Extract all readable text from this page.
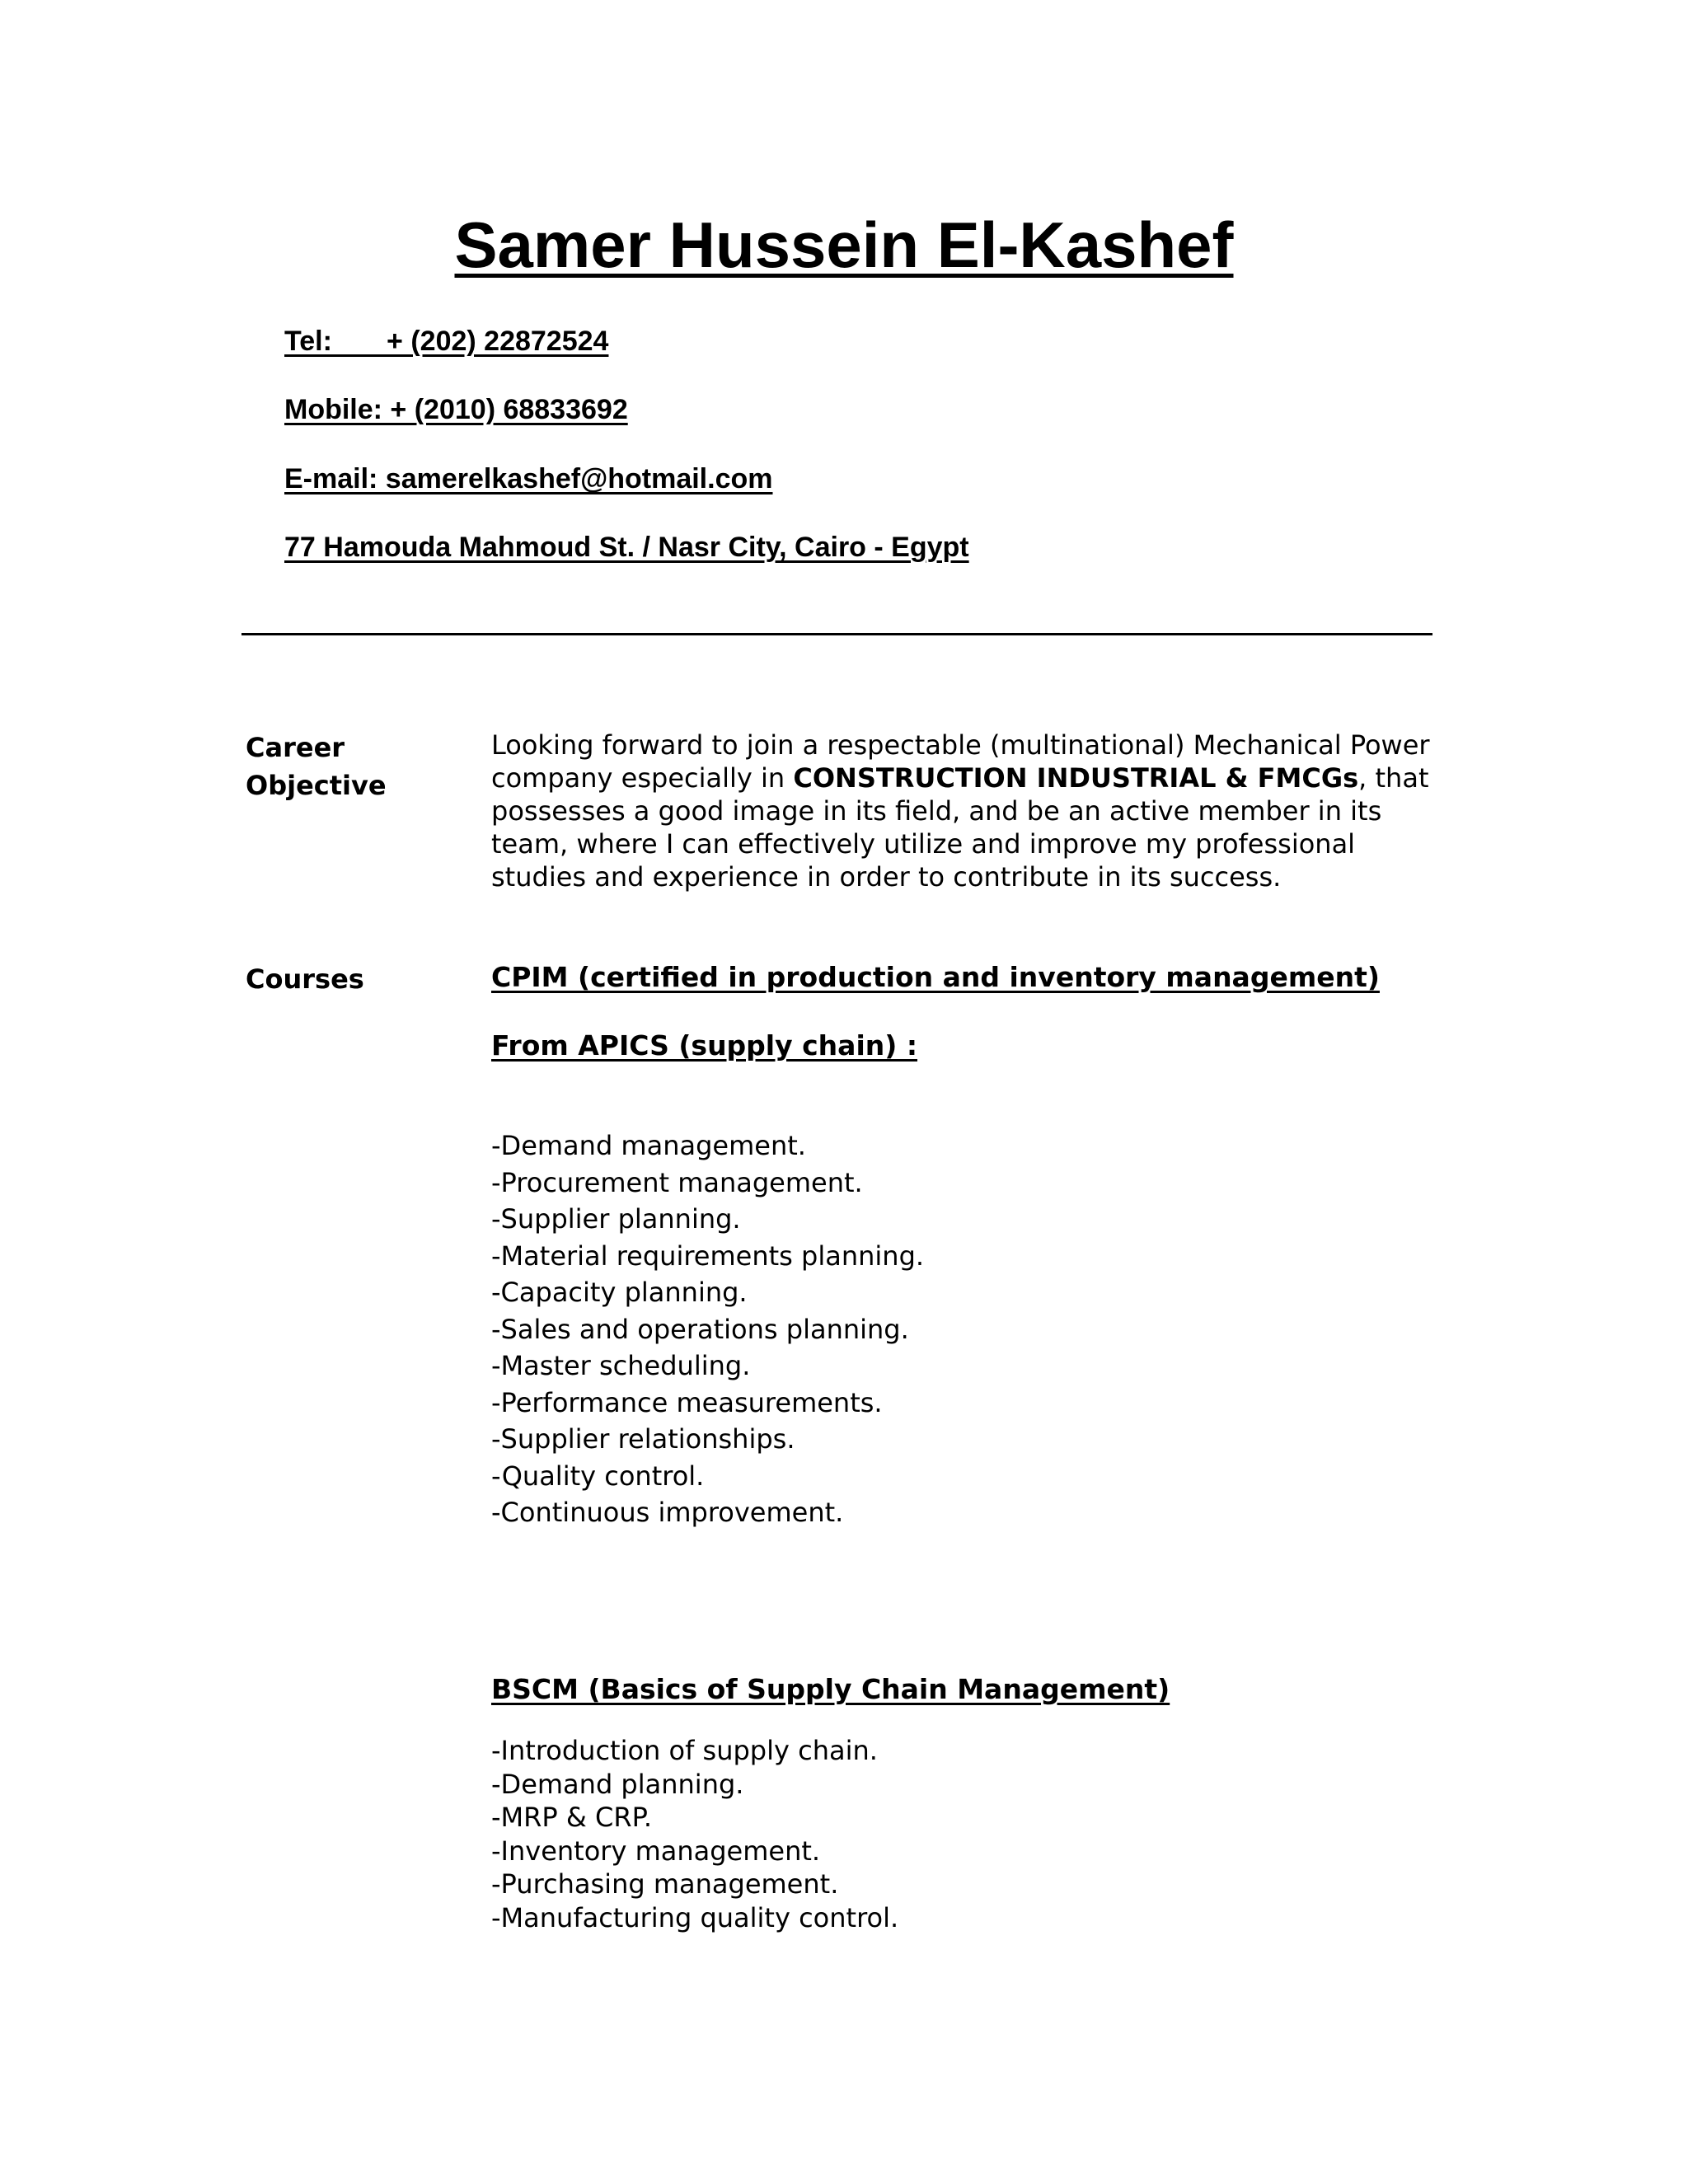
Samer Hussein El-Kashef
Tel:       + (202) 22872524
Mobile: + (2010) 68833692
E-mail: samerelkashef@hotmail.com
77 Hamouda Mahmoud St. / Nasr City, Cairo - Egypt
Career
Objective
Looking forward to join a respectable (multinational) Mechanical Power company especially in CONSTRUCTION INDUSTRIAL & FMCGs, that possesses a good image in its field, and be an active member in its team, where I can effectively utilize and improve my professional studies and experience in order to contribute in its success.
Courses	CPIM (certified in production and inventory management)
From APICS (supply chain) :
-Demand management.
-Procurement management.
-Supplier planning.
-Material requirements planning.
-Capacity planning.
-Sales and operations planning.
-Master scheduling.
-Performance measurements.
-Supplier relationships.
-Quality control.
-Continuous improvement.
BSCM (Basics of Supply Chain Management)
-Introduction of supply chain.
-Demand planning.
-MRP & CRP.
-Inventory management.
-Purchasing management.
-Manufacturing quality control.
